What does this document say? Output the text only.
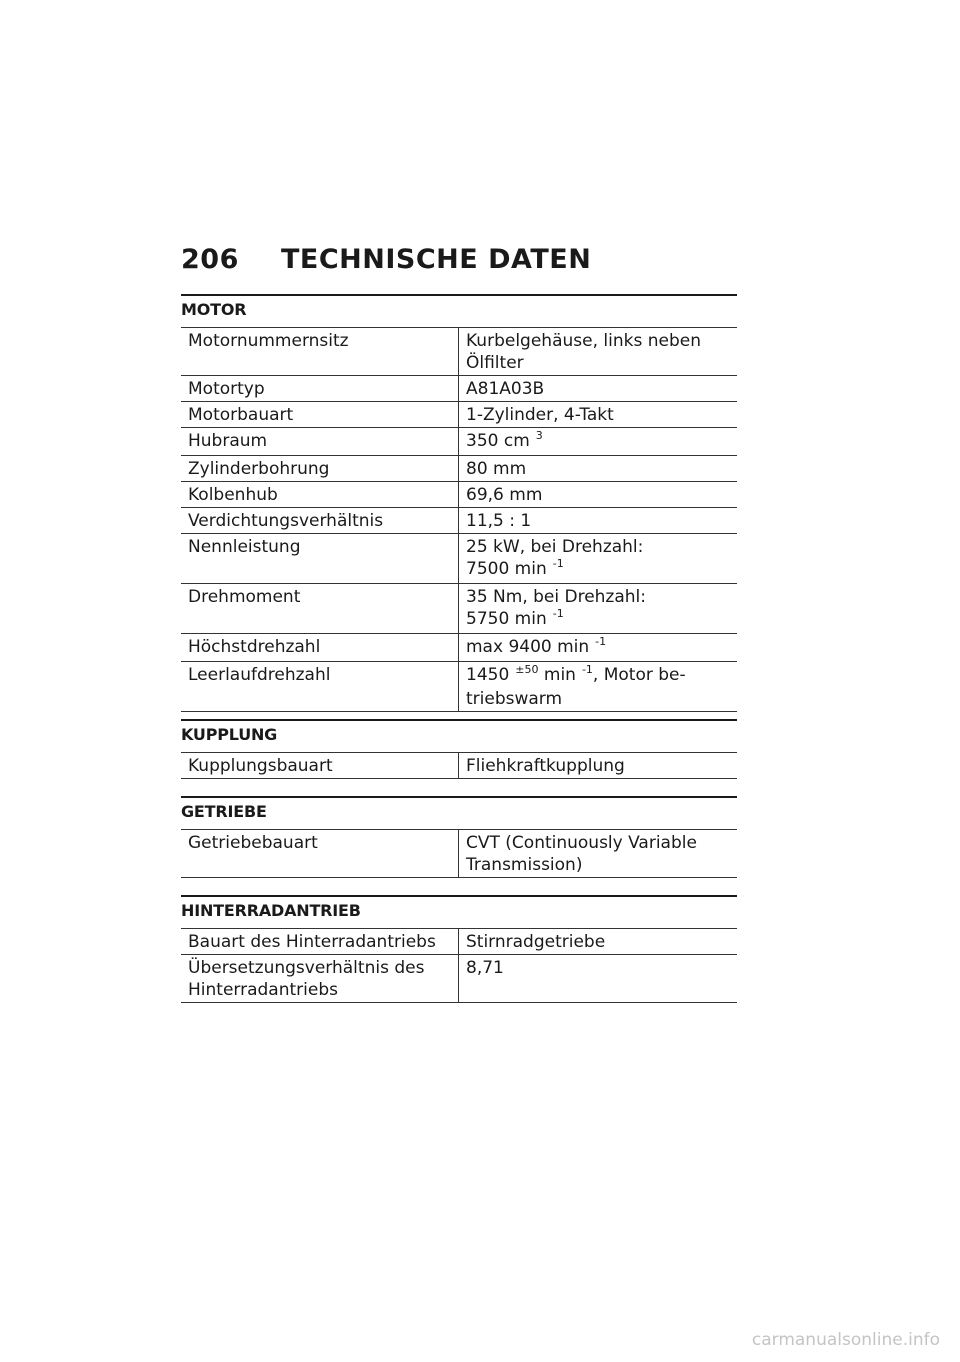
206	TECHNISCHE DATEN
MOTOR
Motornummernsitz	Kurbelgehäuse, links neben Ölfilter
Motortyp	A81A03B
Motorbauart	1-Zylinder, 4-Takt
Hubraum	350 cm $^3$
Zylinderbohrung	80 mm
Kolbenhub	69,6 mm
Verdichtungsverhältnis	11,5 : 1
Nennleistung	25 kW, bei Drehzahl:
7500 min $^{-1}$

Drehmoment	35 Nm, bei Drehzahl:
5750 min $^{-1}$

Höchstdrehzahl	max 9400 min $^{-1}$
Leerlaufdrehzahl	1450 $^{\pm 50}$ min $^{-1}$, Motor betriebswarm
KUPPLUNG
Kupplungsbauart	Fliehkraftkupplung
GETRIEBE
Getriebebauart	CVT (Continuously Variable Transmission)
HINTERRADANTRIEB
Bauart des Hinterradantriebs	Stirnradgetriebe
Übersetzungsverhältnis des Hinterradantriebs	8,71
carmanualsonline.info
